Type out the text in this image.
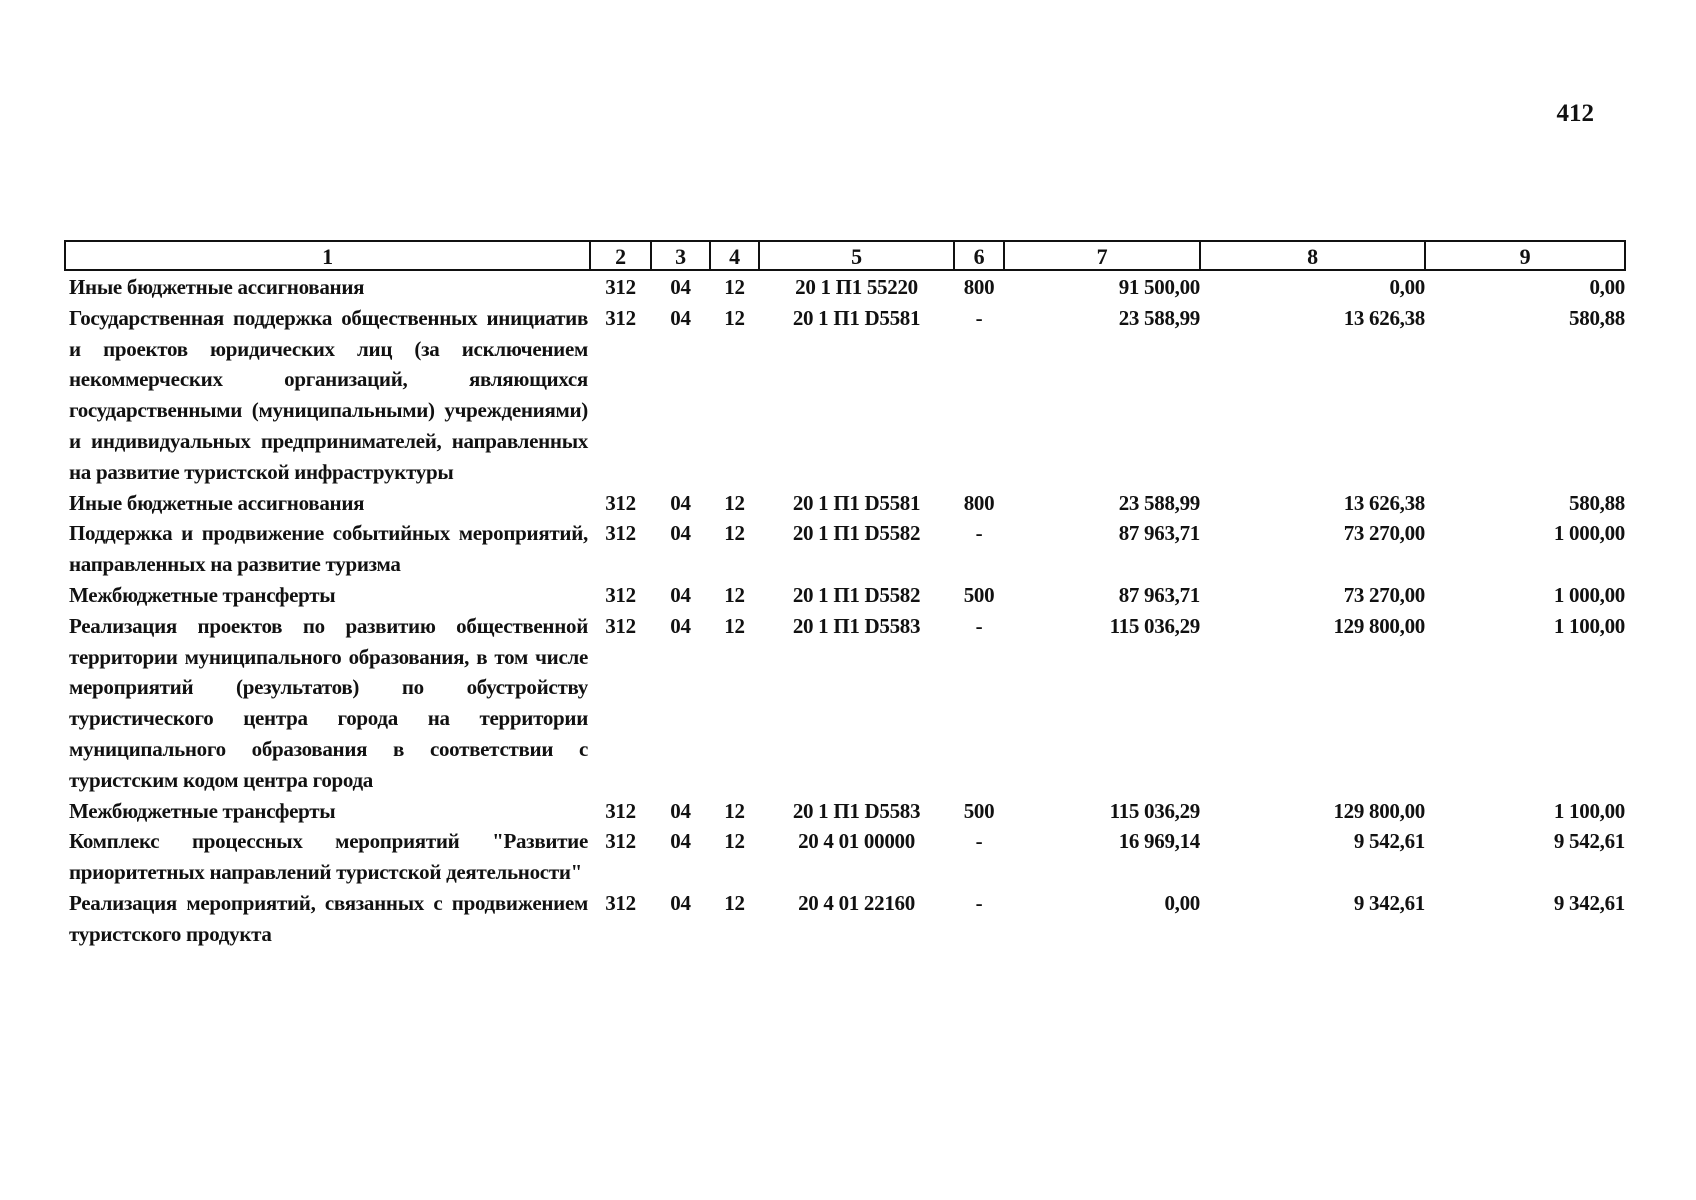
412
1	2	3	4	5	6	7	8	9
Иные бюджетные ассигнования	312	04	12	20 1 П1 55220	800	91 500,00	0,00	0,00
Государственная поддержка общественных инициатив и проектов юридических лиц (за исключением некоммерческих организаций, являющихся государственными (муниципальными) учреждениями) и индивидуальных предпринимателей, направленных на развитие туристской инфраструктуры	312	04	12	20 1 П1 D5581	-	23 588,99	13 626,38	580,88
Иные бюджетные ассигнования	312	04	12	20 1 П1 D5581	800	23 588,99	13 626,38	580,88
Поддержка и продвижение событийных мероприятий, направленных на развитие туризма	312	04	12	20 1 П1 D5582	-	87 963,71	73 270,00	1 000,00
Межбюджетные трансферты	312	04	12	20 1 П1 D5582	500	87 963,71	73 270,00	1 000,00
Реализация проектов по развитию общественной территории муниципального образования, в том числе мероприятий (результатов) по обустройству туристического центра города на территории муниципального образования в соответствии с туристским кодом центра города	312	04	12	20 1 П1 D5583	-	115 036,29	129 800,00	1 100,00
Межбюджетные трансферты	312	04	12	20 1 П1 D5583	500	115 036,29	129 800,00	1 100,00
Комплекс процессных мероприятий "Развитие приоритетных направлений туристской деятельности"	312	04	12	20 4 01 00000	-	16 969,14	9 542,61	9 542,61
Реализация мероприятий, связанных с продвижением туристского продукта	312	04	12	20 4 01 22160	-	0,00	9 342,61	9 342,61
